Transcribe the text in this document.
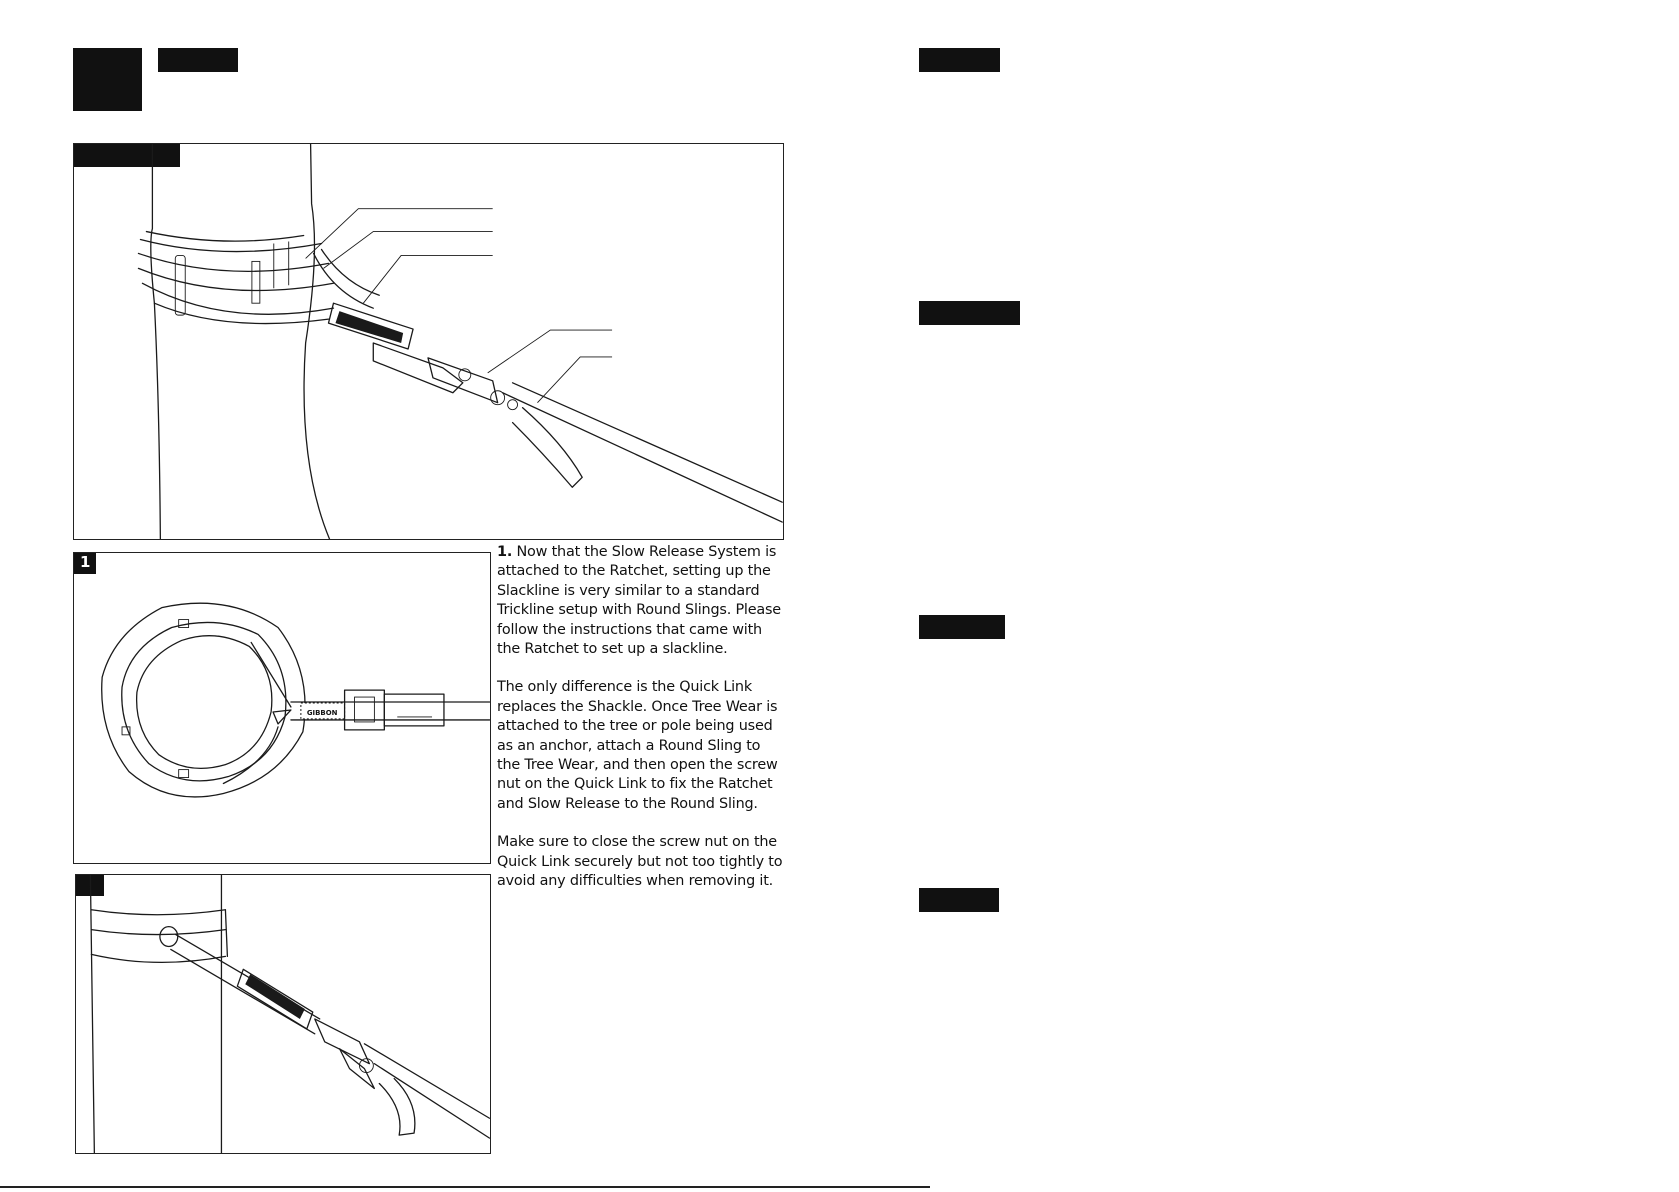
1
GIBBON

1. Now that the Slow Release System is attached to the Ratchet, setting up the Slackline is very similar to a standard Trickline setup with Round Slings. Please follow the instructions that came with the Ratchet to set up a slackline.

The only difference is the Quick Link replaces the Shackle. Once Tree Wear is attached to the tree or pole being used as an anchor, attach a Round Sling to the Tree Wear, and then open the screw nut on the Quick Link to fix the Ratchet and Slow Release to the Round Sling.

Make sure to close the screw nut on the Quick Link securely but not too tightly to avoid any difficulties when removing it.
